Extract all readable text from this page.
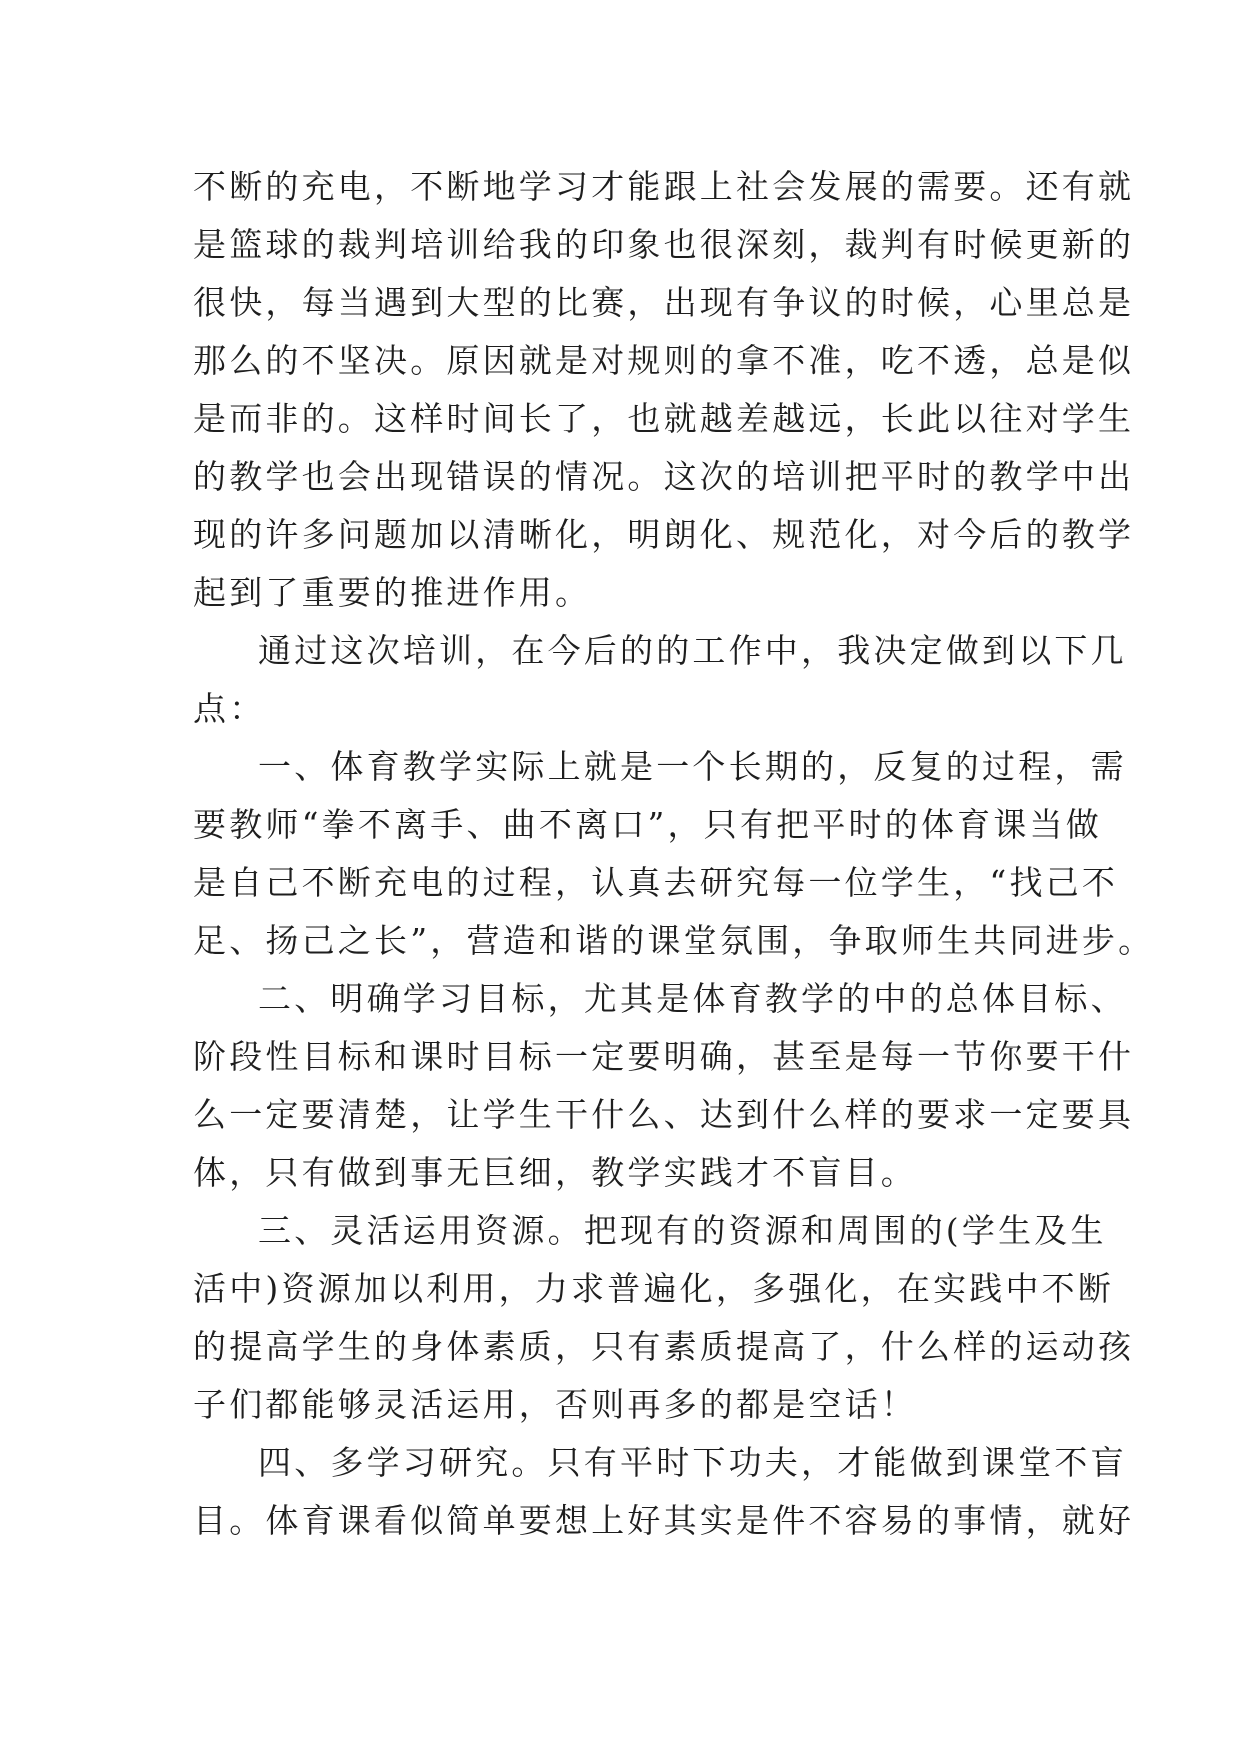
不断的充电，不断地学习才能跟上社会发展的需要。还有就
是篮球的裁判培训给我的印象也很深刻，裁判有时候更新的
很快，每当遇到大型的比赛，出现有争议的时候，心里总是
那么的不坚决。原因就是对规则的拿不准，吃不透，总是似
是而非的。这样时间长了，也就越差越远，长此以往对学生
的教学也会出现错误的情况。这次的培训把平时的教学中出
现的许多问题加以清晰化，明朗化、规范化，对今后的教学
起到了重要的推进作用。
通过这次培训，在今后的的工作中，我决定做到以下几
点：
一、体育教学实际上就是一个长期的，反复的过程，需
要教师“拳不离手、曲不离口”，只有把平时的体育课当做
是自己不断充电的过程，认真去研究每一位学生，“找己不
足、扬己之长”，营造和谐的课堂氛围，争取师生共同进步。
二、明确学习目标，尤其是体育教学的中的总体目标、
阶段性目标和课时目标一定要明确，甚至是每一节你要干什
么一定要清楚，让学生干什么、达到什么样的要求一定要具
体，只有做到事无巨细，教学实践才不盲目。
三、灵活运用资源。把现有的资源和周围的(学生及生
活中)资源加以利用，力求普遍化，多强化，在实践中不断
的提高学生的身体素质，只有素质提高了，什么样的运动孩
子们都能够灵活运用，否则再多的都是空话！
四、多学习研究。只有平时下功夫，才能做到课堂不盲
目。体育课看似简单要想上好其实是件不容易的事情，就好
